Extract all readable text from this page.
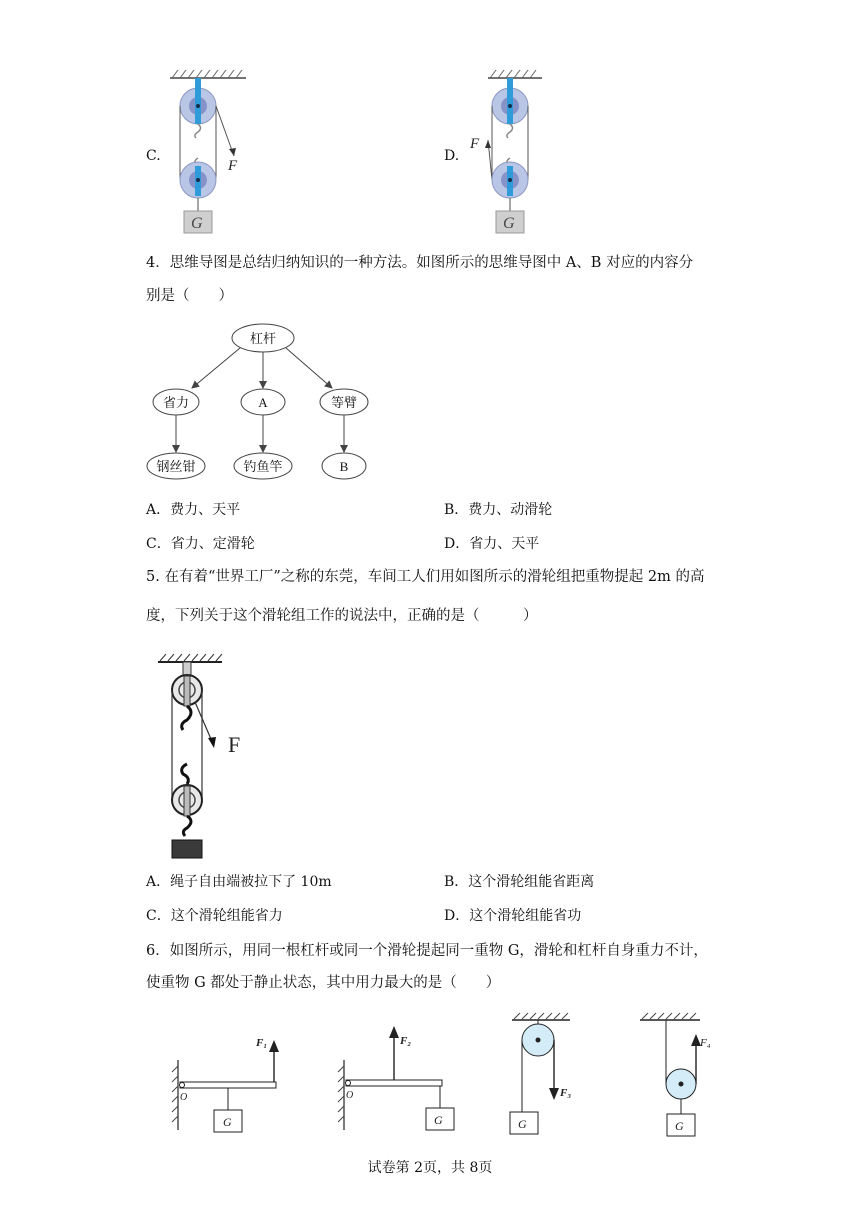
C.
F
G
D.
F
G
4．思维导图是总结归纳知识的一种方法。如图所示的思维导图中 A、B 对应的内容分
别是（　　）
杠杆
省力	A	等臂
钢丝钳	钓鱼竿	B
A．费力、天平	B．费力、动滑轮
C．省力、定滑轮	D．省力、天平
5. 在有着“世界工厂”之称的东莞，车间工人们用如图所示的滑轮组把重物提起 2m 的高
度，下列关于这个滑轮组工作的说法中，正确的是（　　　）
F
A．绳子自由端被拉下了 10m	B．这个滑轮组能省距离
C．这个滑轮组能省力	D．这个滑轮组能省功
6．如图所示，用同一根杠杆或同一个滑轮提起同一重物 G，滑轮和杠杆自身重力不计，
使重物 G 都处于静止状态，其中用力最大的是（　　）
O
G
F₁
O
F₂
G
F₃
G
F₄
G
试卷第 2页，共 8页
